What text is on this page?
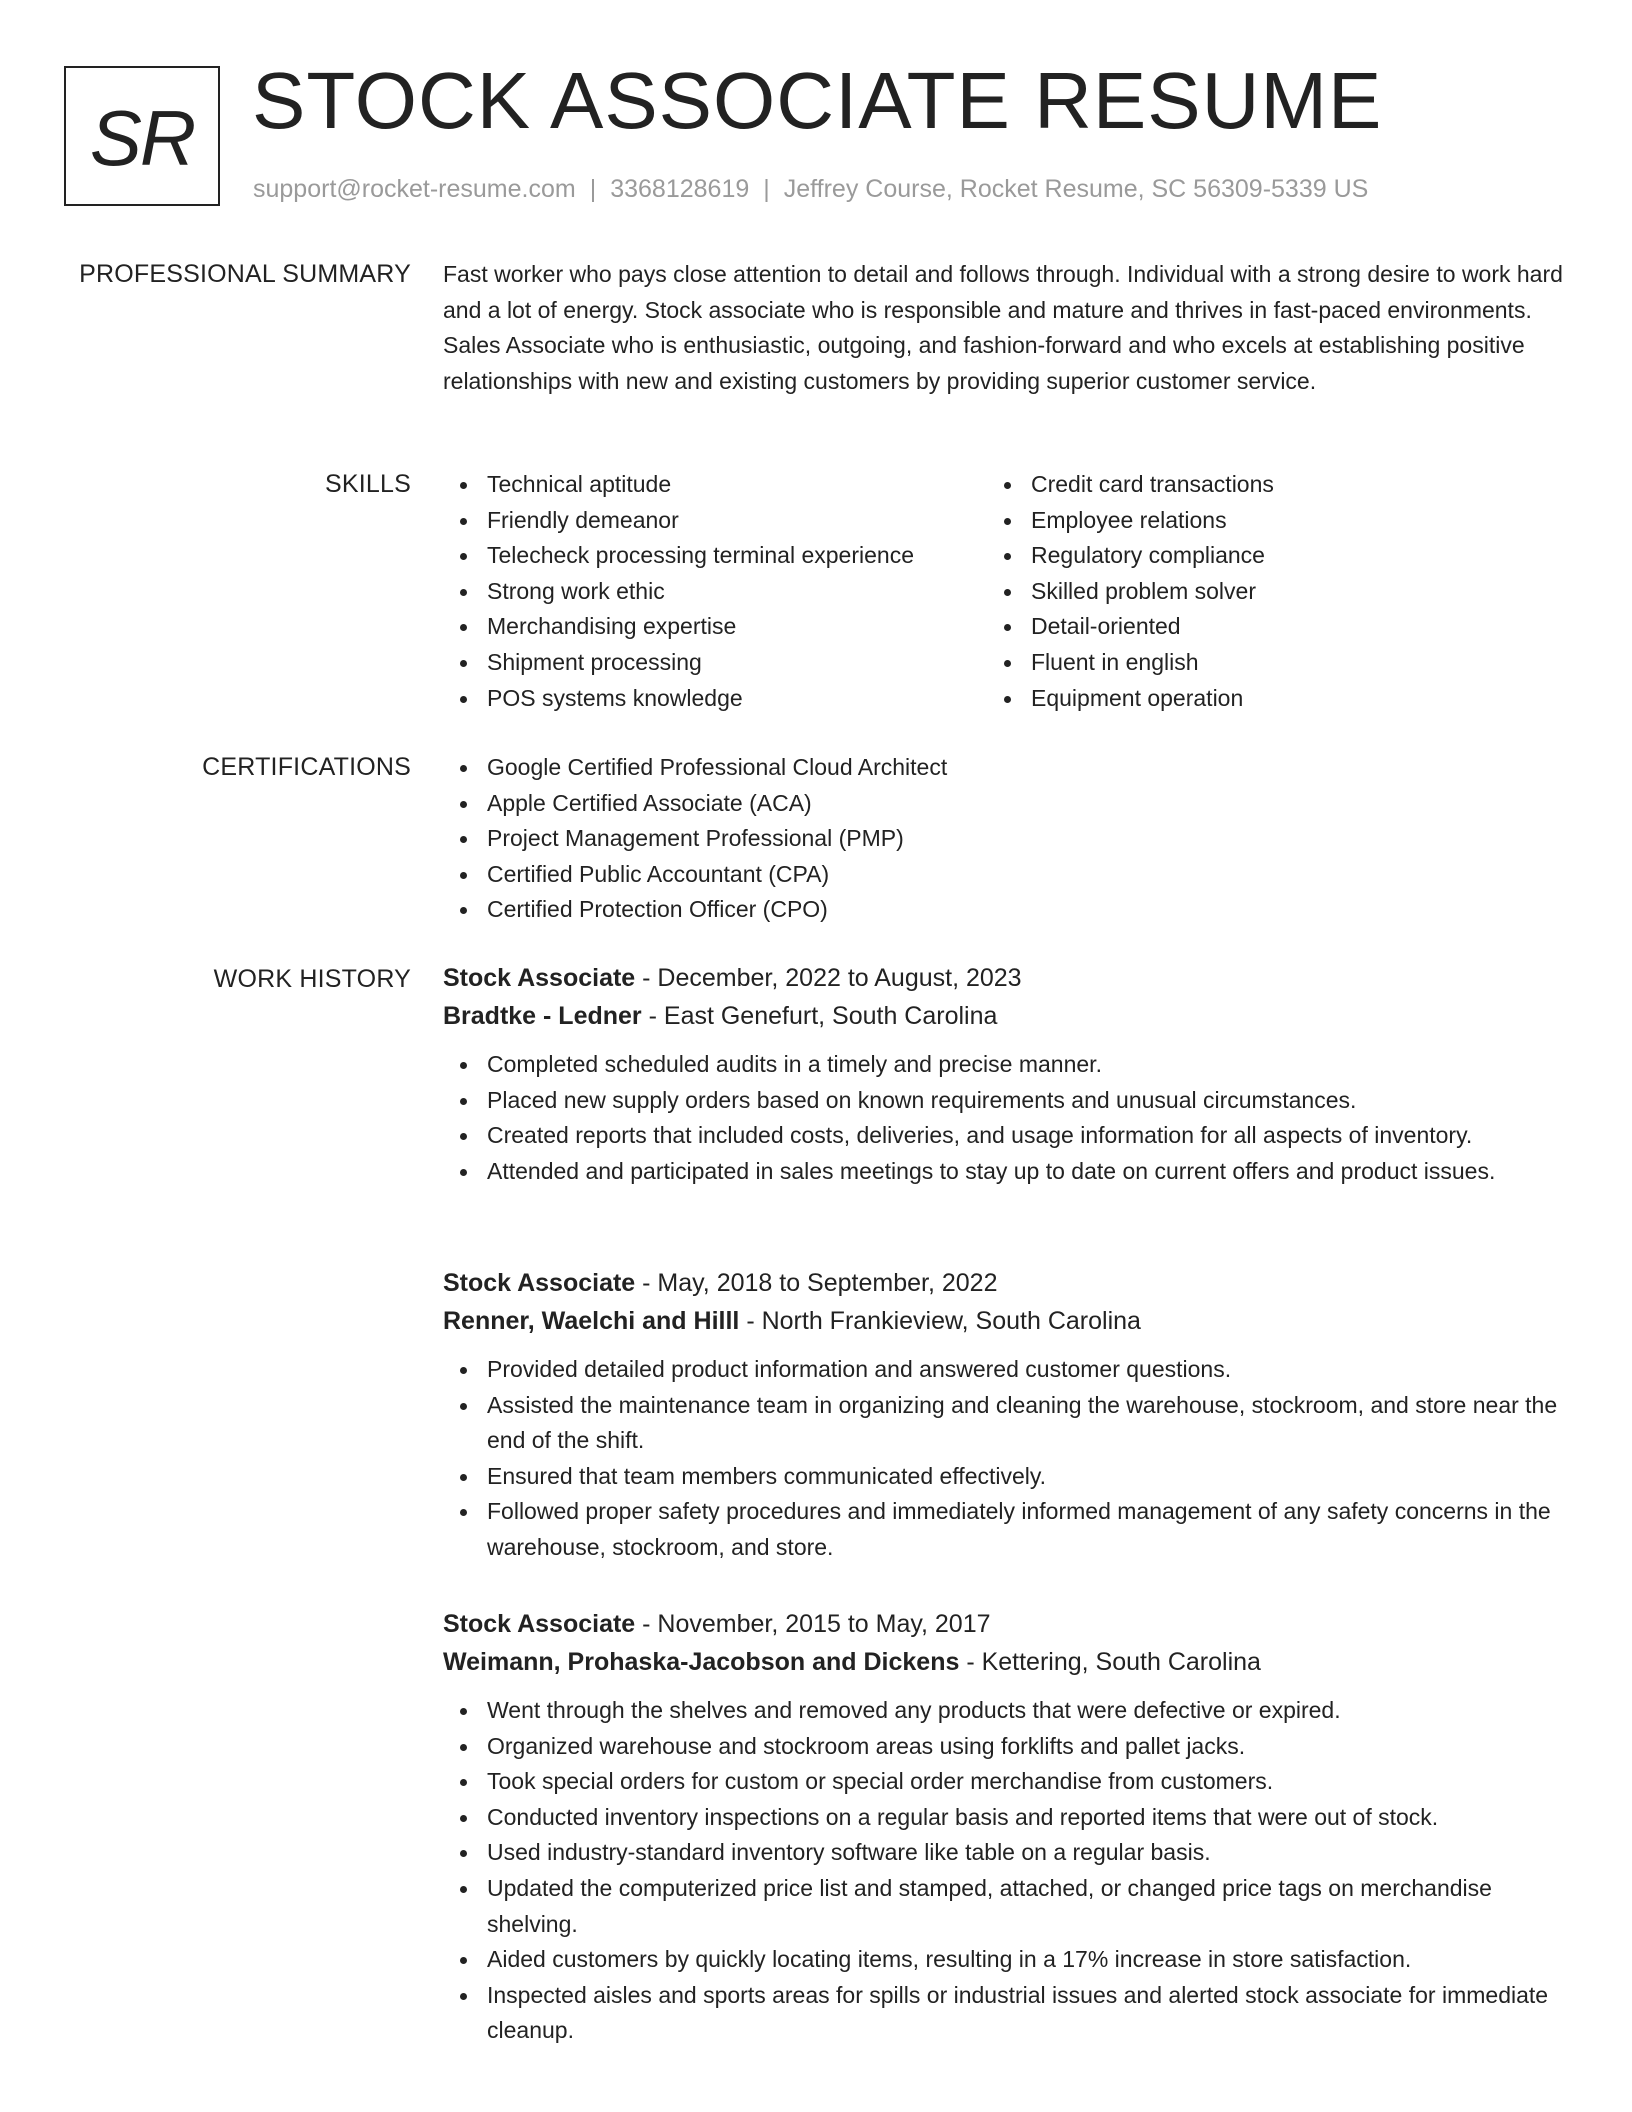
SR STOCK ASSOCIATE RESUME
support@rocket-resume.com | 3368128619 | Jeffrey Course, Rocket Resume, SC 56309-5339 US
PROFESSIONAL SUMMARY Fast worker who pays close attention to detail and follows through. Individual with a strong desire to work hard and a lot of energy. Stock associate who is responsible and mature and thrives in fast-paced environments. Sales Associate who is enthusiastic, outgoing, and fashion-forward and who excels at establishing positive relationships with new and existing customers by providing superior customer service.

SKILLS	Technical aptitude
Friendly demeanor
Telecheck processing terminal experience
Strong work ethic
Merchandising expertise
Shipment processing
POS systems knowledge
Credit card transactions
Employee relations
Regulatory compliance
Skilled problem solver
Detail-oriented
Fluent in english
Equipment operation
CERTIFICATIONS	Google Certified Professional Cloud Architect
Apple Certified Associate (ACA)
Project Management Professional (PMP)
Certified Public Accountant (CPA)
Certified Protection Officer (CPO)
WORK HISTORY Stock Associate - December, 2022 to August, 2023
Bradtke - Ledner - East Genefurt, South Carolina
Completed scheduled audits in a timely and precise manner.
Placed new supply orders based on known requirements and unusual circumstances.
Created reports that included costs, deliveries, and usage information for all aspects of inventory.
Attended and participated in sales meetings to stay up to date on current offers and product issues.
Stock Associate - May, 2018 to September, 2022
Renner, Waelchi and Hilll - North Frankieview, South Carolina
Provided detailed product information and answered customer questions.
Assisted the maintenance team in organizing and cleaning the warehouse, stockroom, and store near the end of the shift.
Ensured that team members communicated effectively.
Followed proper safety procedures and immediately informed management of any safety concerns in the warehouse, stockroom, and store.
Stock Associate - November, 2015 to May, 2017
Weimann, Prohaska-Jacobson and Dickens - Kettering, South Carolina
Went through the shelves and removed any products that were defective or expired.
Organized warehouse and stockroom areas using forklifts and pallet jacks.
Took special orders for custom or special order merchandise from customers.
Conducted inventory inspections on a regular basis and reported items that were out of stock.
Used industry-standard inventory software like table on a regular basis.
Updated the computerized price list and stamped, attached, or changed price tags on merchandise shelving.
Aided customers by quickly locating items, resulting in a 17% increase in store satisfaction.
Inspected aisles and sports areas for spills or industrial issues and alerted stock associate for immediate cleanup.
